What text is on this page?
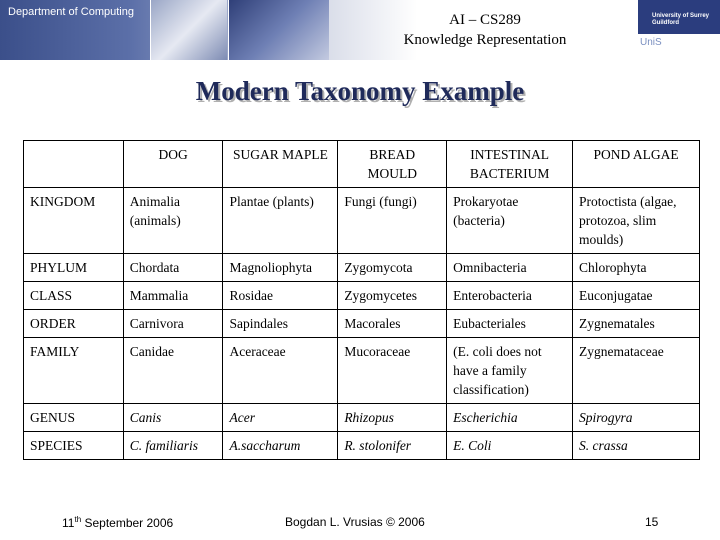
Department of Computing	AI – CS289
Knowledge Representation
University of Surrey
Guildford
UniS
Modern Taxonomy Example
	DOG	SUGAR MAPLE	BREAD MOULD	INTESTINAL BACTERIUM	POND ALGAE
KINGDOM	Animalia (animals)	Plantae (plants)	Fungi (fungi)	Prokaryotae (bacteria)	Protoctista (algae, protozoa, slim moulds)
PHYLUM	Chordata	Magnoliophyta	Zygomycota	Omnibacteria	Chlorophyta
CLASS	Mammalia	Rosidae	Zygomycetes	Enterobacteria	Euconjugatae
ORDER	Carnivora	Sapindales	Macorales	Eubacteriales	Zygnematales
FAMILY	Canidae	Aceraceae	Mucoraceae	(E. coli does not have a family classification)	Zygnemataceae
GENUS	Canis	Acer	Rhizopus	Escherichia	Spirogyra
SPECIES	C. familiaris	A.saccharum	R. stolonifer	E. Coli	S. crassa
11th September 2006	Bogdan L. Vrusias © 2006	15
